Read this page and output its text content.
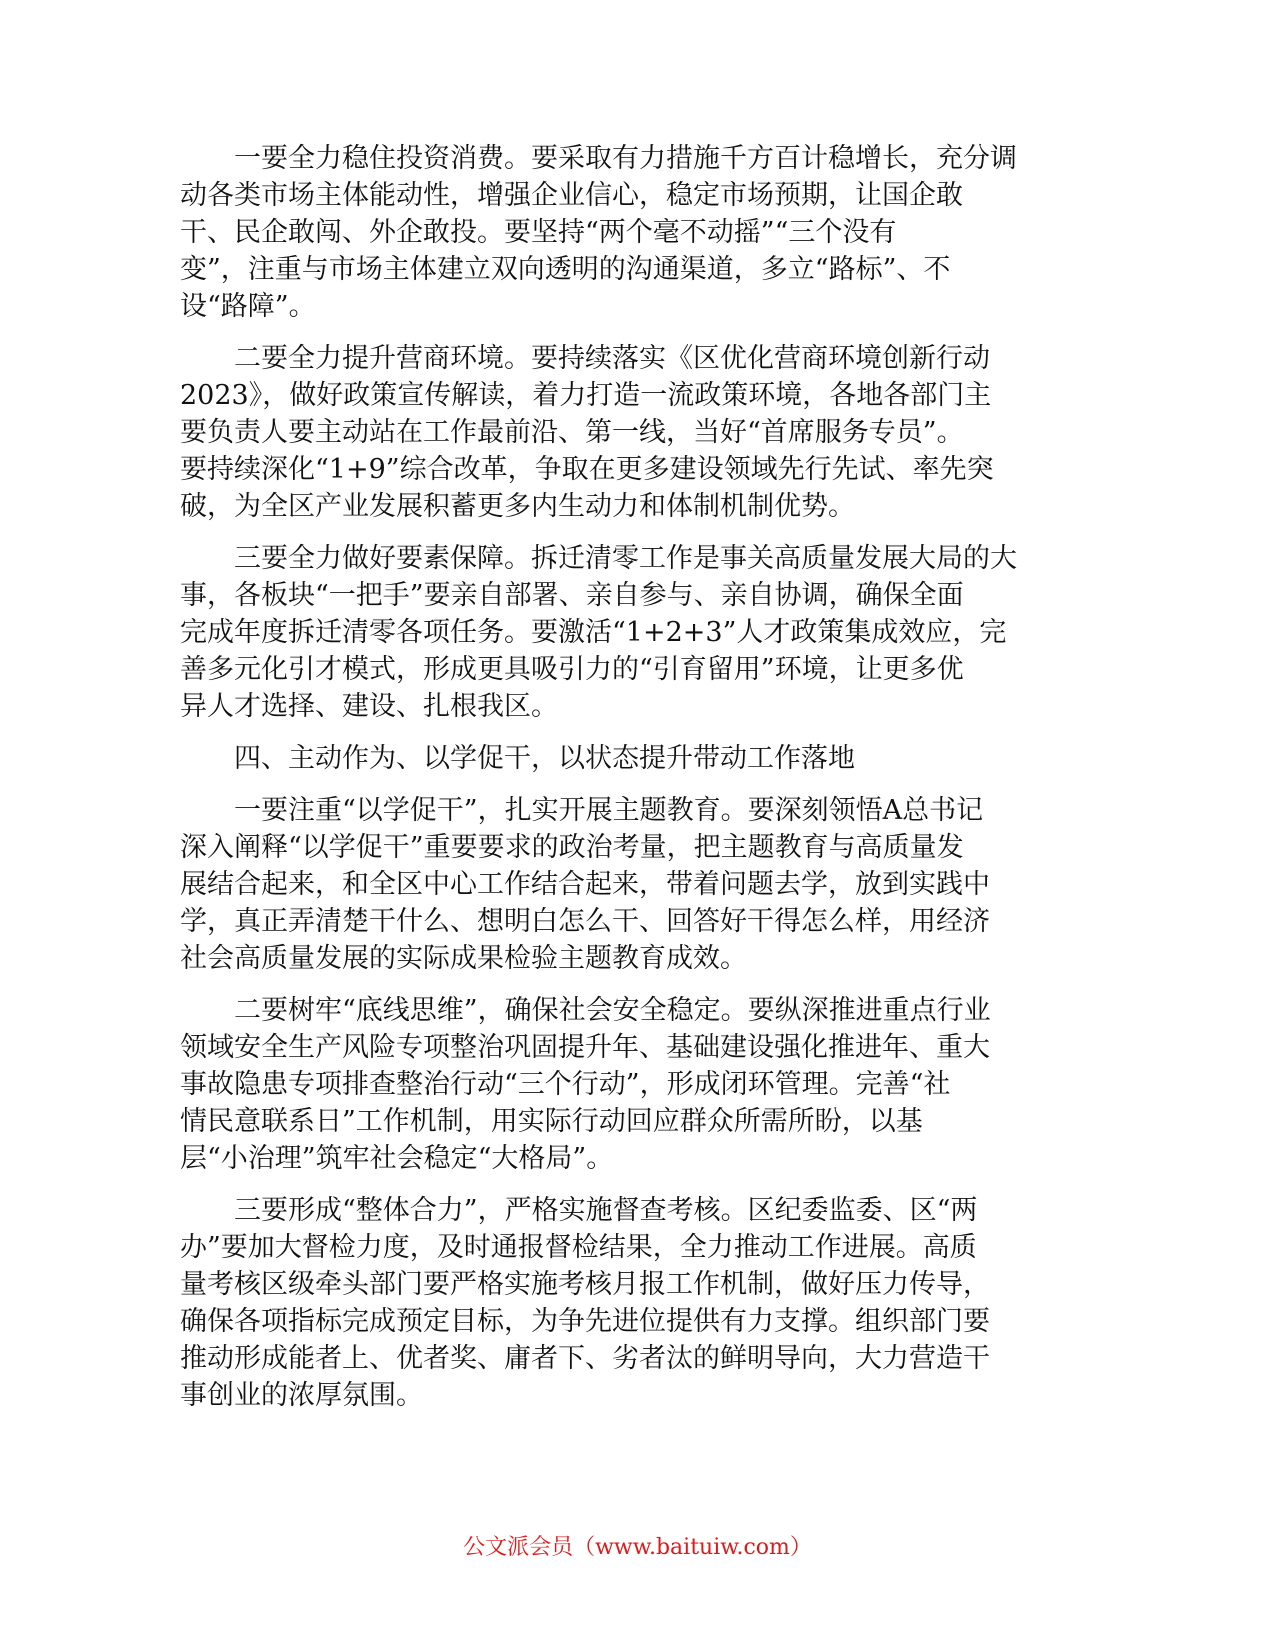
一要全力稳住投资消费。要采取有力措施千方百计稳增长，充分调
动各类市场主体能动性，增强企业信心，稳定市场预期，让国企敢
干、民企敢闯、外企敢投。要坚持“两个毫不动摇”“三个没有
变”，注重与市场主体建立双向透明的沟通渠道，多立“路标”、不
设“路障”。

二要全力提升营商环境。要持续落实《区优化营商环境创新行动
2023》，做好政策宣传解读，着力打造一流政策环境，各地各部门主
要负责人要主动站在工作最前沿、第一线，当好“首席服务专员”。
要持续深化“1+9”综合改革，争取在更多建设领域先行先试、率先突
破，为全区产业发展积蓄更多内生动力和体制机制优势。

三要全力做好要素保障。拆迁清零工作是事关高质量发展大局的大
事，各板块“一把手”要亲自部署、亲自参与、亲自协调，确保全面
完成年度拆迁清零各项任务。要激活“1+2+3”人才政策集成效应，完
善多元化引才模式，形成更具吸引力的“引育留用”环境，让更多优
异人才选择、建设、扎根我区。

四、主动作为、以学促干，以状态提升带动工作落地

一要注重“以学促干”，扎实开展主题教育。要深刻领悟A总书记
深入阐释“以学促干”重要要求的政治考量，把主题教育与高质量发
展结合起来，和全区中心工作结合起来，带着问题去学，放到实践中
学，真正弄清楚干什么、想明白怎么干、回答好干得怎么样，用经济
社会高质量发展的实际成果检验主题教育成效。

二要树牢“底线思维”，确保社会安全稳定。要纵深推进重点行业
领域安全生产风险专项整治巩固提升年、基础建设强化推进年、重大
事故隐患专项排查整治行动“三个行动”，形成闭环管理。完善“社
情民意联系日”工作机制，用实际行动回应群众所需所盼，以基
层“小治理”筑牢社会稳定“大格局”。

三要形成“整体合力”，严格实施督查考核。区纪委监委、区“两
办”要加大督检力度，及时通报督检结果，全力推动工作进展。高质
量考核区级牵头部门要严格实施考核月报工作机制，做好压力传导，
确保各项指标完成预定目标，为争先进位提供有力支撑。组织部门要
推动形成能者上、优者奖、庸者下、劣者汰的鲜明导向，大力营造干
事创业的浓厚氛围。

公文派会员（www.baituiw.com）
